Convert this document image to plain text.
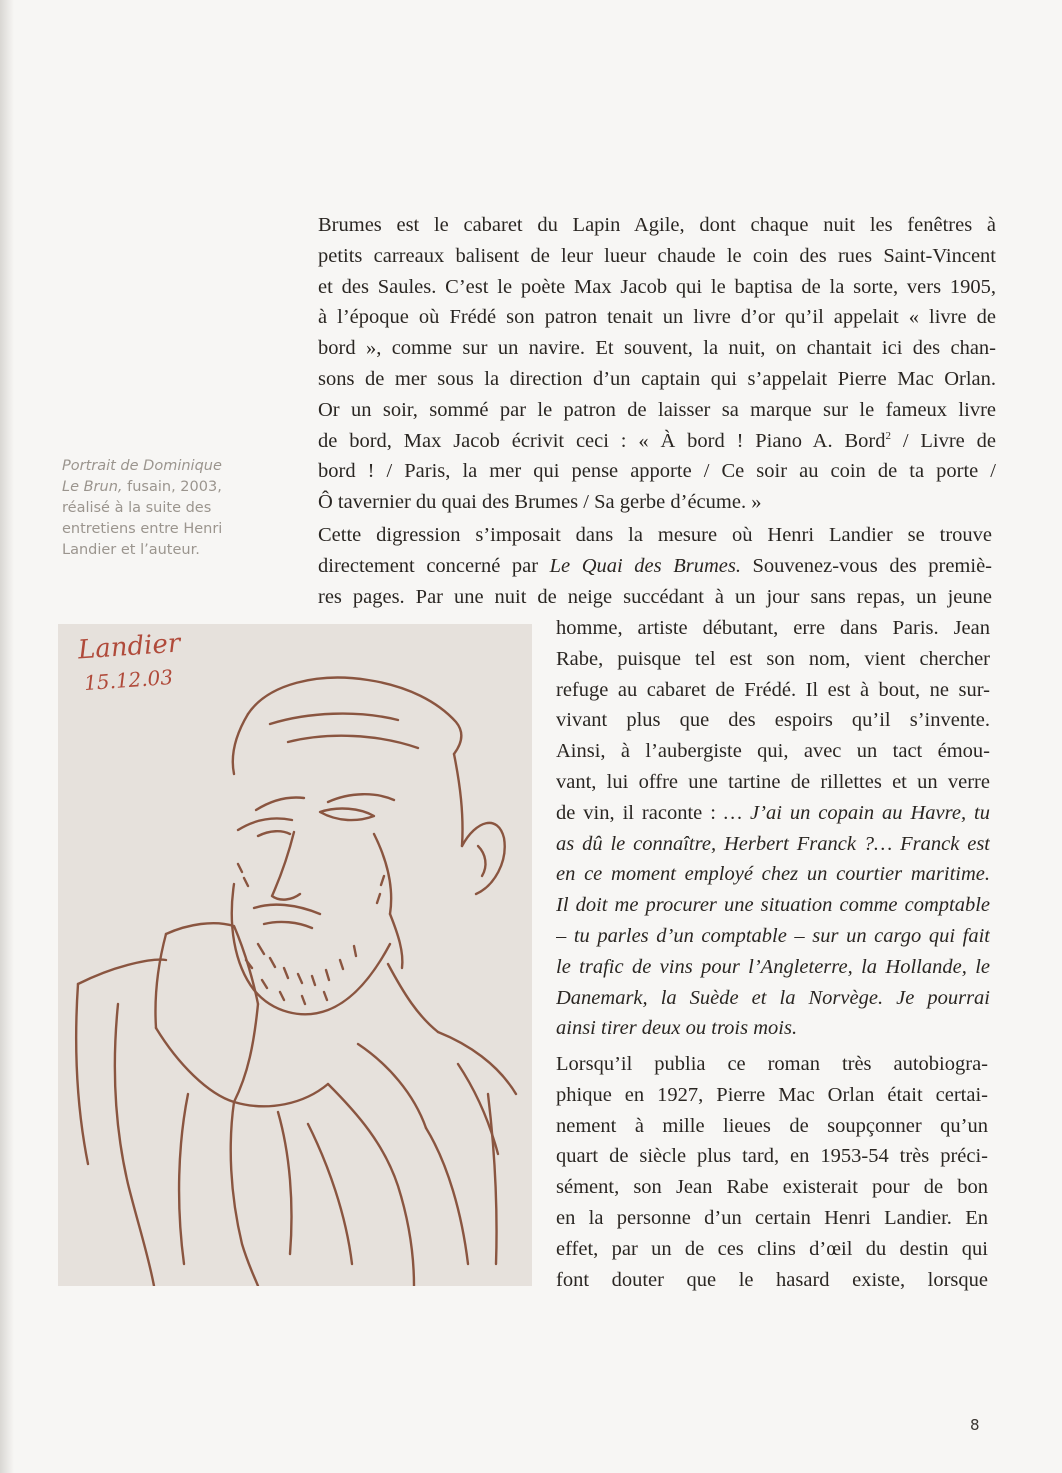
Portrait de Dominique
Le Brun, fusain, 2003,
réalisé à la suite des
entretiens entre Henri
Landier et l’auteur.
Brumes est le cabaret du Lapin Agile, dont chaque nuit les fenêtres à
petits carreaux balisent de leur lueur chaude le coin des rues Saint-Vincent
et des Saules. C’est le poète Max Jacob qui le baptisa de la sorte, vers 1905,
à l’époque où Frédé son patron tenait un livre d’or qu’il appelait « livre de
bord », comme sur un navire. Et souvent, la nuit, on chantait ici des chan-
sons de mer sous la direction d’un captain qui s’appelait Pierre Mac Orlan.
Or un soir, sommé par le patron de laisser sa marque sur le fameux livre
de bord, Max Jacob écrivit ceci : « À bord ! Piano A. Bord$^2$ / Livre de
bord ! / Paris, la mer qui pense apporte / Ce soir au coin de ta porte /
Ô tavernier du quai des Brumes / Sa gerbe d’écume. »
Cette digression s’imposait dans la mesure où Henri Landier se trouve
directement concerné par Le Quai des Brumes. Souvenez-vous des premiè-
res pages. Par une nuit de neige succédant à un jour sans repas, un jeune
homme, artiste débutant, erre dans Paris. Jean
Rabe, puisque tel est son nom, vient chercher
refuge au cabaret de Frédé. Il est à bout, ne sur-
vivant plus que des espoirs qu’il s’invente.
Ainsi, à l’aubergiste qui, avec un tact émou-
vant, lui offre une tartine de rillettes et un verre
de vin, il raconte : … J’ai un copain au Havre, tu
as dû le connaître, Herbert Franck ?… Franck est
en ce moment employé chez un courtier maritime.
Il doit me procurer une situation comme comptable
– tu parles d’un comptable – sur un cargo qui fait
le trafic de vins pour l’Angleterre, la Hollande, le
Danemark, la Suède et la Norvège. Je pourrai
ainsi tirer deux ou trois mois.
Lorsqu’il publia ce roman très autobiogra-
phique en 1927, Pierre Mac Orlan était certai-
nement à mille lieues de soupçonner qu’un
quart de siècle plus tard, en 1953-54 très préci-
sément, son Jean Rabe existerait pour de bon
en la personne d’un certain Henri Landier. En
effet, par un de ces clins d’œil du destin qui
font douter que le hasard existe, lorsque
Landier
15.12.03
8
